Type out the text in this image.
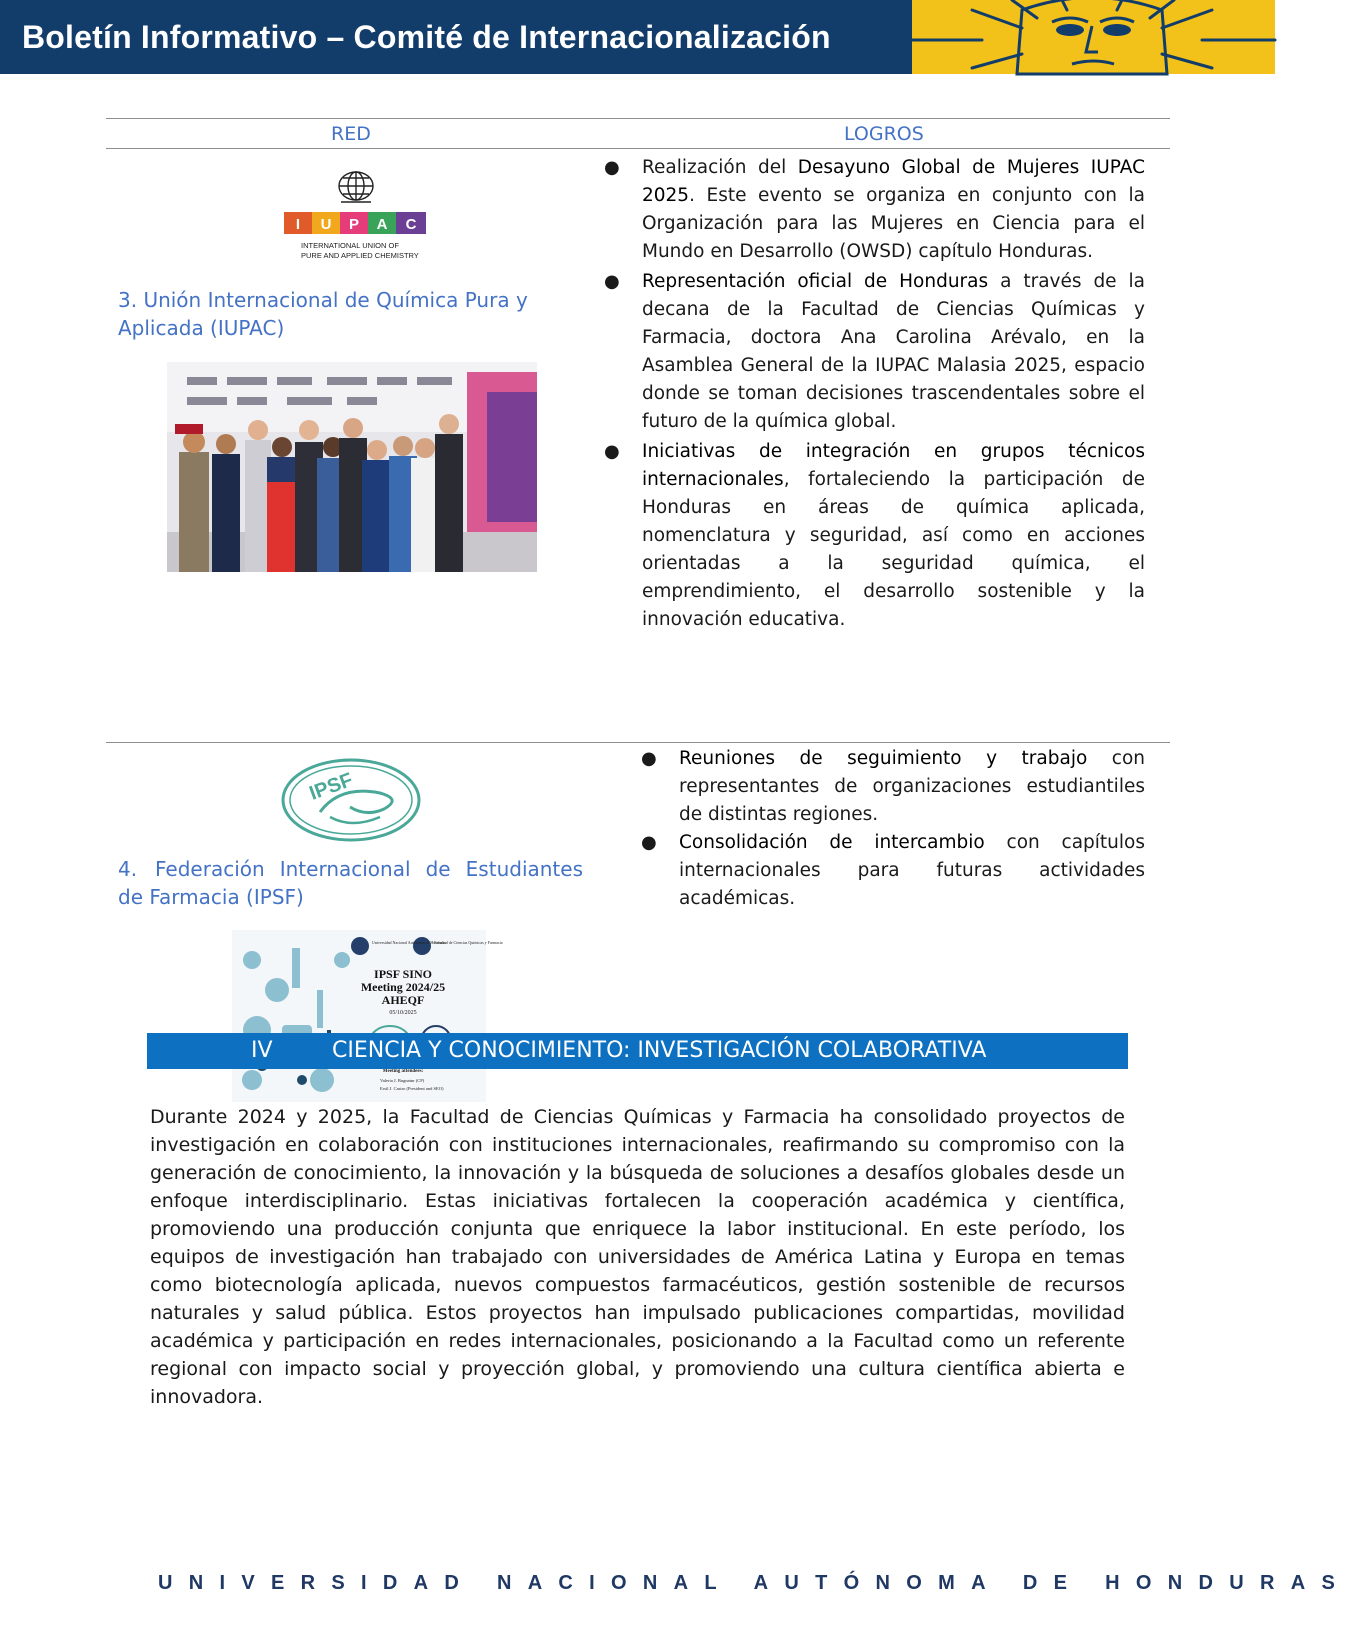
Boletín Informativo – Comité de Internacionalización
RED	LOGROS
I U P A C
INTERNATIONAL UNION OF
PURE AND APPLIED CHEMISTRY
3. Unión Internacional de Química Pura y Aplicada (IUPAC)
● Realización del Desayuno Global de Mujeres IUPAC 2025. Este evento se organiza en conjunto con la Organización para las Mujeres en Ciencia para el Mundo en Desarrollo (OWSD) capítulo Honduras.
● Representación oficial de Honduras a través de la decana de la Facultad de Ciencias Químicas y Farmacia, doctora Ana Carolina Arévalo, en la Asamblea General de la IUPAC Malasia 2025, espacio donde se toman decisiones trascendentales sobre el futuro de la química global.
● Iniciativas de integración en grupos técnicos internacionales, fortaleciendo la participación de Honduras en áreas de química aplicada, nomenclatura y seguridad, así como en acciones orientadas a la seguridad química, el emprendimiento, el desarrollo sostenible y la innovación educativa.
IPSF
4. Federación Internacional de Estudiantes de Farmacia (IPSF)
Universidad Nacional Autónoma de Honduras
Facultad de Ciencias Químicas y Farmacia
IPSF SINO
Meeting 2024/25
AHEQF
05/10/2025
Meeting attendees:
Valeria J. Bugnatnr (CP)
Ersil J. Castro (President and SEO)
● Reuniones de seguimiento y trabajo con representantes de organizaciones estudiantiles de distintas regiones.
● Consolidación de intercambio con capítulos internacionales para futuras actividades académicas.
IV	CIENCIA Y CONOCIMIENTO: INVESTIGACIÓN COLABORATIVA

Durante 2024 y 2025, la Facultad de Ciencias Químicas y Farmacia ha consolidado proyectos de investigación en colaboración con instituciones internacionales, reafirmando su compromiso con la generación de conocimiento, la innovación y la búsqueda de soluciones a desafíos globales desde un enfoque interdisciplinario. Estas iniciativas fortalecen la cooperación académica y científica, promoviendo una producción conjunta que enriquece la labor institucional. En este período, los equipos de investigación han trabajado con universidades de América Latina y Europa en temas como biotecnología aplicada, nuevos compuestos farmacéuticos, gestión sostenible de recursos naturales y salud pública. Estos proyectos han impulsado publicaciones compartidas, movilidad académica y participación en redes internacionales, posicionando a la Facultad como un referente regional con impacto social y proyección global, y promoviendo una cultura científica abierta e innovadora.

UNIVERSIDAD NACIONAL AUTÓNOMA DE HONDURAS
